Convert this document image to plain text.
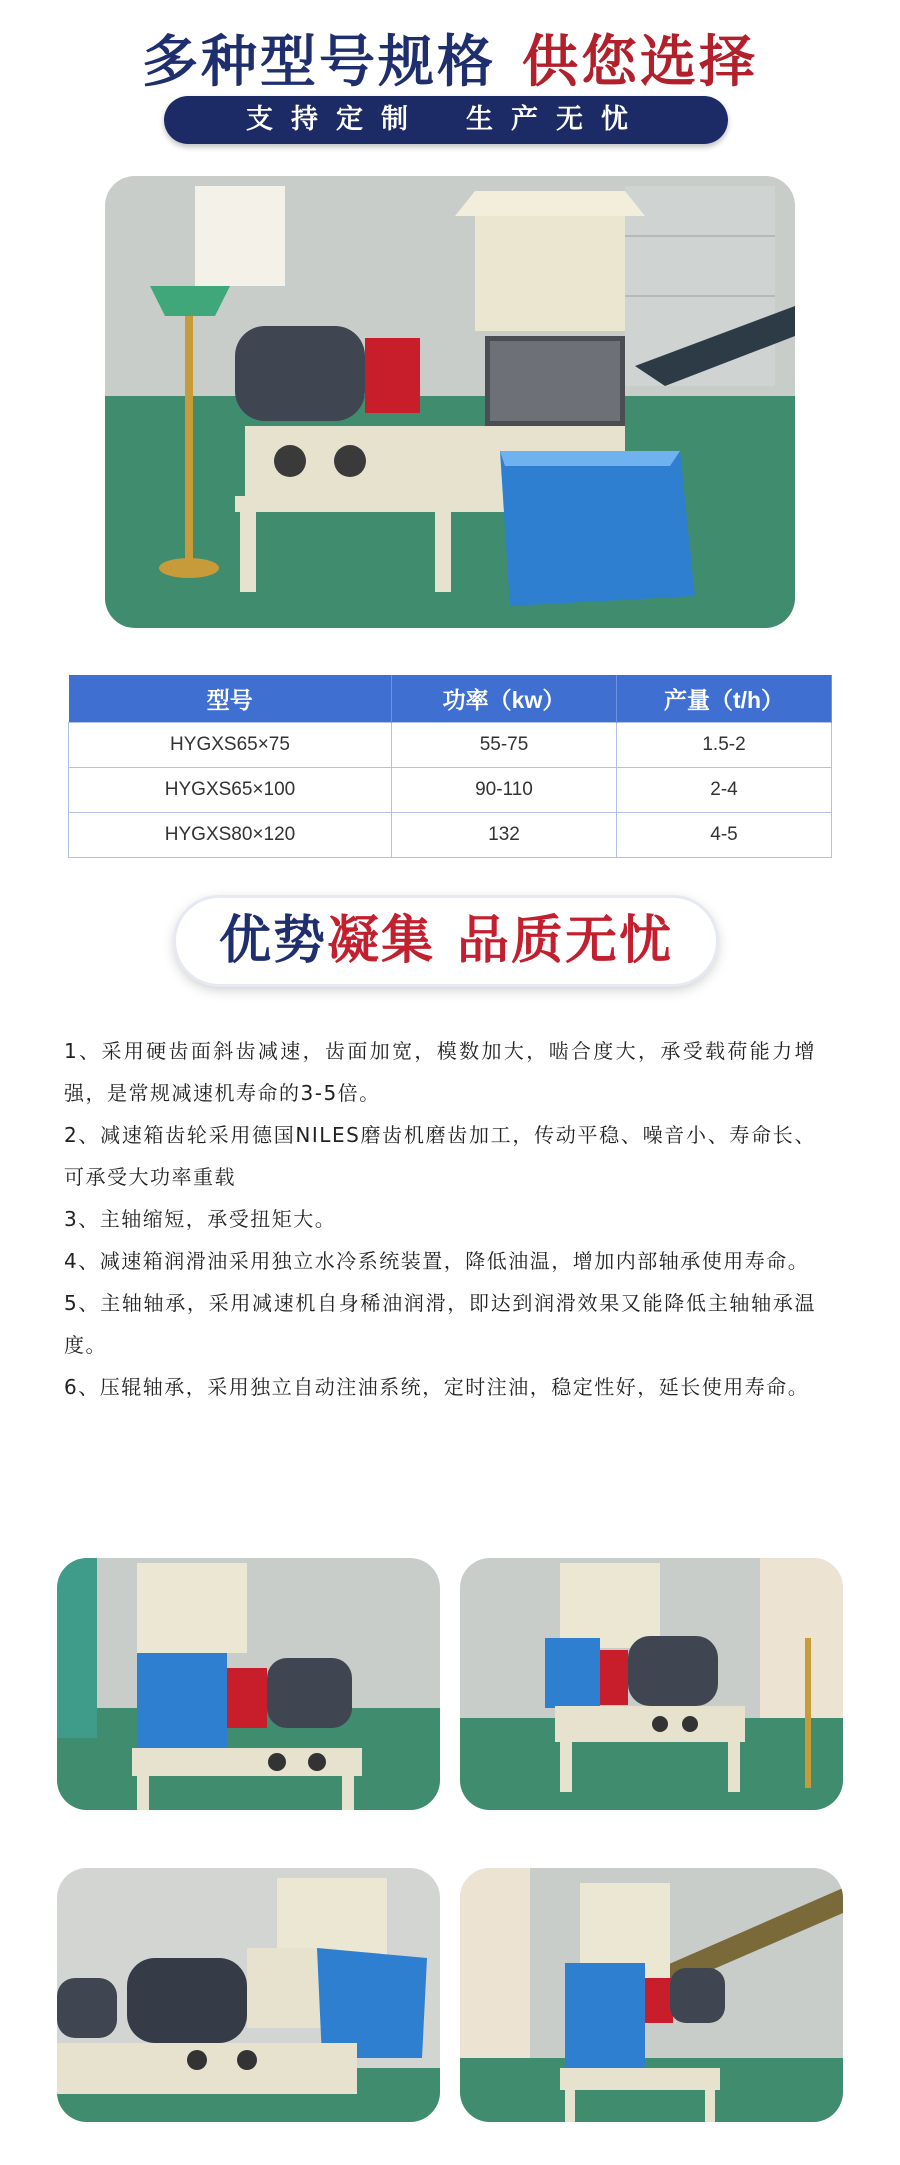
多种型号规格 供您选择
支持定制 生产无忧
型号	功率（kw）	产量（t/h）
HYGXS65×75	55-75	1.5-2
HYGXS65×100	90-110	2-4
HYGXS80×120	132	4-5
优势凝集 品质无忧

1、采用硬齿面斜齿减速，齿面加宽，模数加大，啮合度大，承受载荷能力增强，是常规减速机寿命的3-5倍。

2、减速箱齿轮采用德国NILES磨齿机磨齿加工，传动平稳、噪音小、寿命长、可承受大功率重载

3、主轴缩短，承受扭矩大。

4、减速箱润滑油采用独立水冷系统装置，降低油温，增加内部轴承使用寿命。

5、主轴轴承，采用减速机自身稀油润滑，即达到润滑效果又能降低主轴轴承温度。

6、压辊轴承，采用独立自动注油系统，定时注油，稳定性好，延长使用寿命。
